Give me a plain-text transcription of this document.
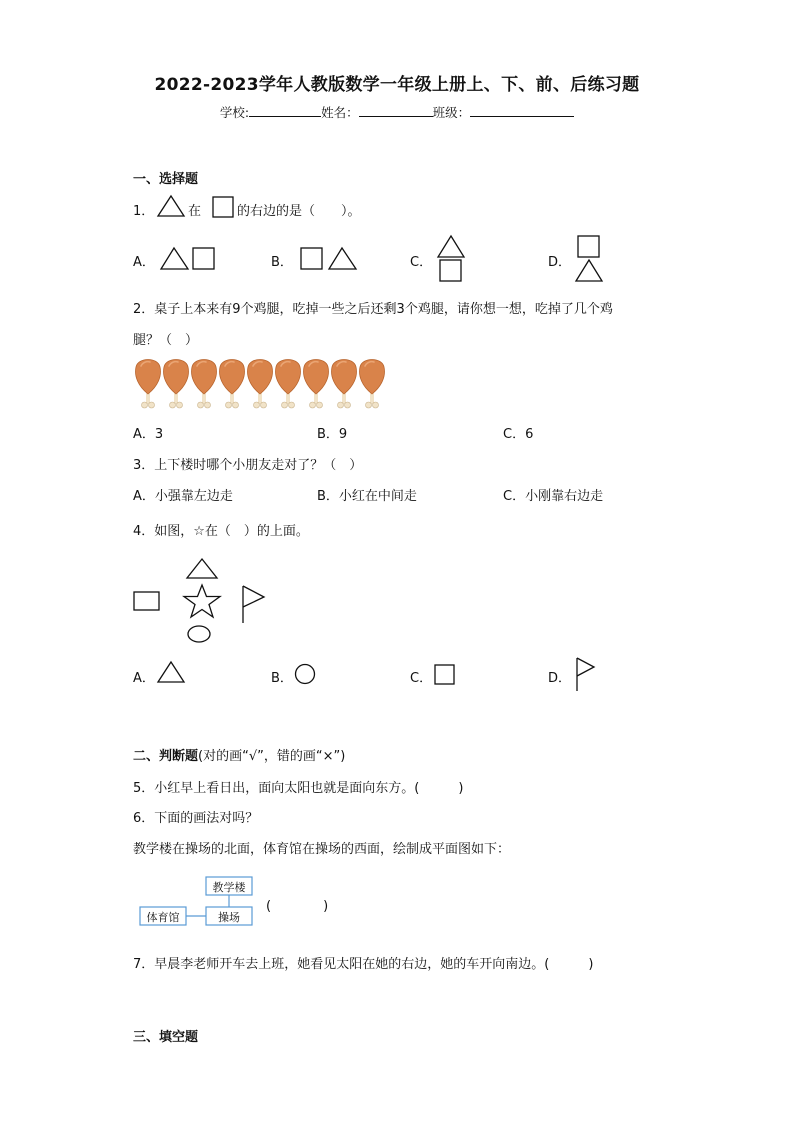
2022-2023学年人教版数学一年级上册上、下、前、后练习题
学校:	姓名：	班级：
一、选择题
1．	在	的右边的是（　　）。
A．	B．	C．	D．
2．桌子上本来有9个鸡腿，吃掉一些之后还剩3个鸡腿，请你想一想，吃掉了几个鸡
腿？（　）
A．3	B．9	C．6
3．上下楼时哪个小朋友走对了？（　）
A．小强靠左边走	B．小红在中间走	C．小刚靠右边走
4．如图，☆在（　）的上面。
A．	B．	C．	D．
二、判断题(对的画“√”，错的画“×”)
5．小红早上看日出，面向太阳也就是面向东方。(　　　)
6．下面的画法对吗？
教学楼在操场的北面，体育馆在操场的西面，绘制成平面图如下：
教学楼
操场
体育馆
(　　　　)
7．早晨李老师开车去上班，她看见太阳在她的右边，她的车开向南边。(　　　)
三、填空题
